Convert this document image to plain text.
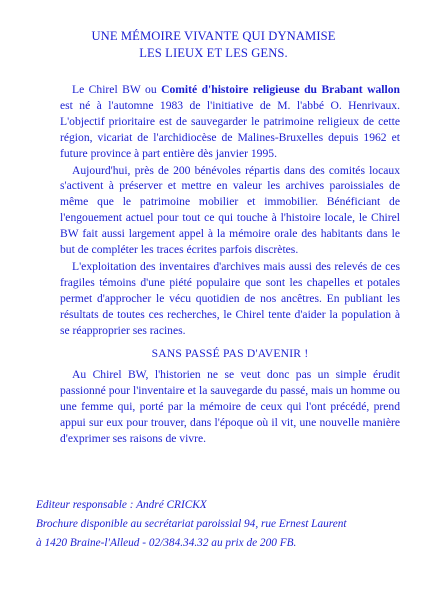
UNE MÉMOIRE VIVANTE QUI DYNAMISE
LES LIEUX ET LES GENS.

Le Chirel BW ou Comité d'histoire religieuse du Brabant wallon est né à l'automne 1983 de l'initiative de M. l'abbé O. Henrivaux. L'objectif prioritaire est de sauvegarder le patrimoine religieux de cette région, vicariat de l'archidiocèse de Malines-Bruxelles depuis 1962 et future province à part entière dès janvier 1995.

Aujourd'hui, près de 200 bénévoles répartis dans des comités locaux s'activent à préserver et mettre en valeur les archives paroissiales de même que le patrimoine mobilier et immobilier. Bénéficiant de l'engouement actuel pour tout ce qui touche à l'histoire locale, le Chirel BW fait aussi largement appel à la mémoire orale des habitants dans le but de compléter les traces écrites parfois discrètes.

L'exploitation des inventaires d'archives mais aussi des relevés de ces fragiles témoins d'une piété populaire que sont les chapelles et potales permet d'approcher le vécu quotidien de nos ancêtres. En publiant les résultats de toutes ces recherches, le Chirel tente d'aider la population à se réapproprier ses racines.

SANS PASSÉ PAS D'AVENIR !

Au Chirel BW, l'historien ne se veut donc pas un simple érudit passionné pour l'inventaire et la sauvegarde du passé, mais un homme ou une femme qui, porté par la mémoire de ceux qui l'ont précédé, prend appui sur eux pour trouver, dans l'époque où il vit, une nouvelle manière d'exprimer ses raisons de vivre.

Editeur responsable : André CRICKX
Brochure disponible au secrétariat paroissial 94, rue Ernest Laurent
à 1420 Braine-l'Alleud - 02/384.34.32 au prix de 200 FB.
